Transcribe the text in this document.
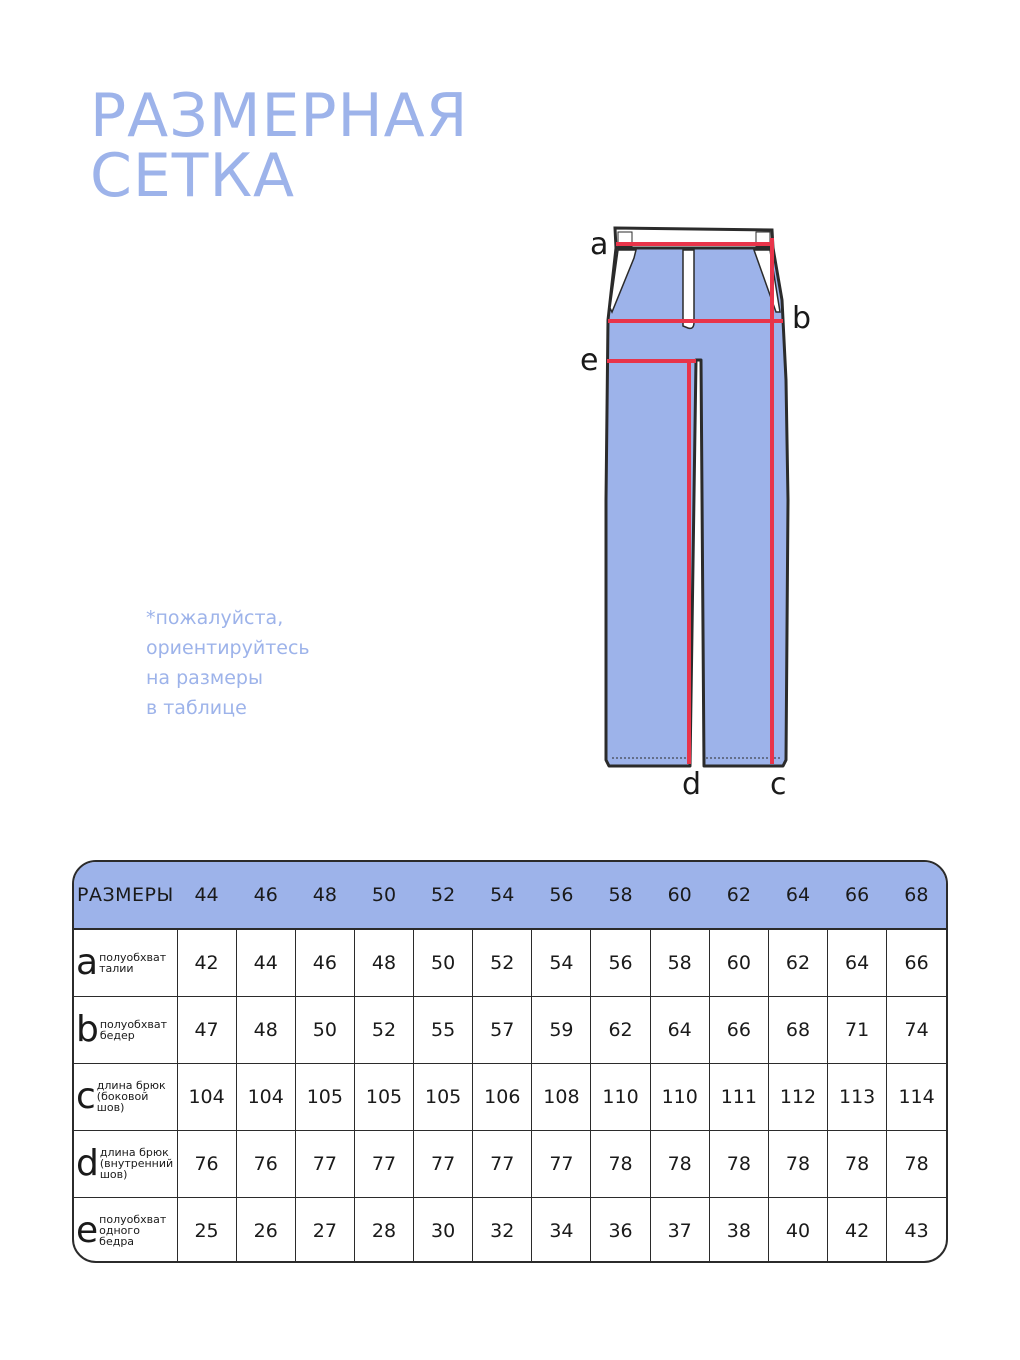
РАЗМЕРНАЯ
СЕТКА
a
b
e
d c
*пожалуйста,
ориентируйтесь
на размеры
в таблице
РАЗМЕРЫ	44	46	48	50	52	54	56	58	60	62	64	66	68
a полуобхват
талии	42	44	46	48	50	52	54	56	58	60	62	64	66
b полуобхват
бедер	47	48	50	52	55	57	59	62	64	66	68	71	74
c длина брюк
(боковой
шов)	104	104	105	105	105	106	108	110	110	111	112	113	114
d длина брюк
(внутренний
шов)	76	76	77	77	77	77	77	78	78	78	78	78	78
e полуобхват
одного
бедра	25	26	27	28	30	32	34	36	37	38	40	42	43
